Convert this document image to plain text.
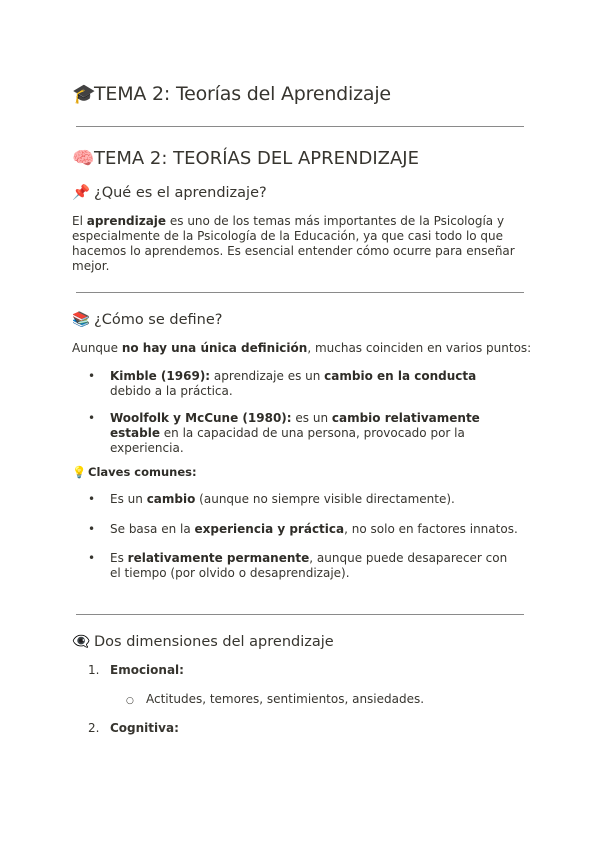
🎓TEMA 2: Teorías del Aprendizaje
🧠TEMA 2: TEORÍAS DEL APRENDIZAJE
📌 ¿Qué es el aprendizaje?

El aprendizaje es uno de los temas más importantes de la Psicología y especialmente de la Psicología de la Educación, ya que casi todo lo que hacemos lo aprendemos. Es esencial entender cómo ocurre para enseñar mejor.

📚 ¿Cómo se define?

Aunque no hay una única definición, muchas coinciden en varios puntos:

• Kimble (1969): aprendizaje es un cambio en la conducta debido a la práctica.
• Woolfolk y McCune (1980): es un cambio relativamente estable en la capacidad de una persona, provocado por la experiencia.
💡 Claves comunes:
• Es un cambio (aunque no siempre visible directamente).
• Se basa en la experiencia y práctica, no solo en factores innatos.
• Es relativamente permanente, aunque puede desaparecer con el tiempo (por olvido o desaprendizaje).
👁️‍🗨️ Dos dimensiones del aprendizaje
1. Emocional:
○ Actitudes, temores, sentimientos, ansiedades.
2. Cognitiva:
